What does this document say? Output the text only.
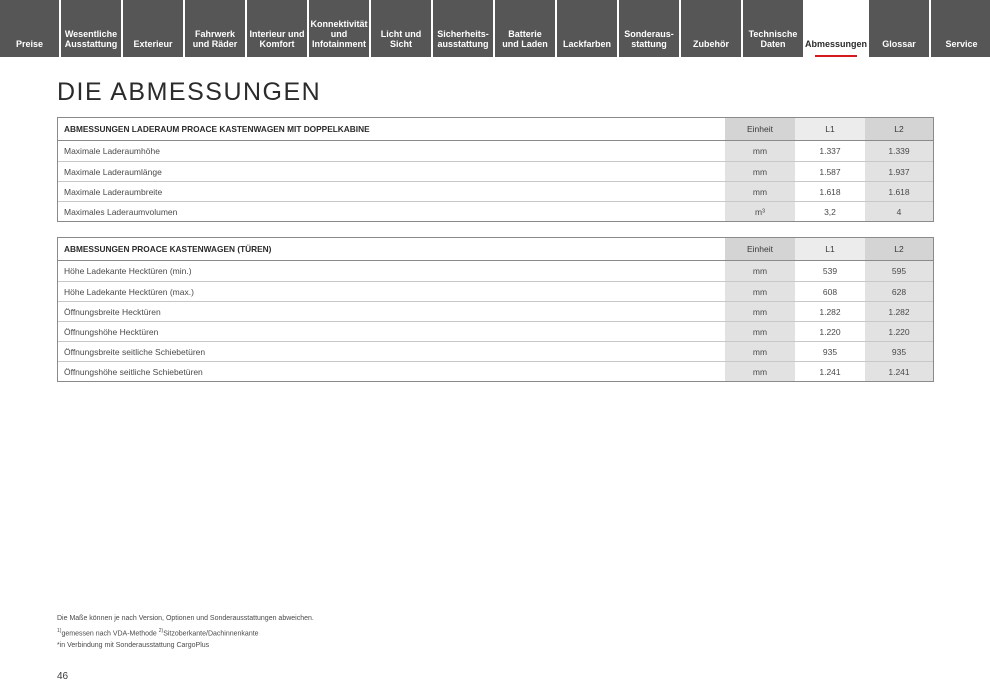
Preise
Wesentliche
Ausstattung	Exterieur
Fahrwerk
und Räder
Interieur und
Komfort
Konnektivität
und
Infotainment
Licht und Sicht
Sicherheits-
ausstattung
Batterie
und Laden	Lackfarben
Sonderaus-
stattung	Zubehör
Technische
Daten	Abmessungen	Glossar	Service
DIE ABMESSUNGEN
ABMESSUNGEN LADERAUM PROACE KASTENWAGEN MIT DOPPELKABINE	Einheit	L1	L2
Maximale Laderaumhöhe	mm	1.337	1.339
Maximale Laderaumlänge	mm	1.587	1.937
Maximale Laderaumbreite	mm	1.618	1.618
Maximales Laderaumvolumen	m³	3,2	4
ABMESSUNGEN PROACE KASTENWAGEN (TÜREN)	Einheit	L1	L2
Höhe Ladekante Hecktüren (min.)	mm	539	595
Höhe Ladekante Hecktüren (max.)	mm	608	628
Öffnungsbreite Hecktüren	mm	1.282	1.282
Öffnungshöhe Hecktüren	mm	1.220	1.220
Öffnungsbreite seitliche Schiebetüren	mm	935	935
Öffnungshöhe seitliche Schiebetüren	mm	1.241	1.241
Die Maße können je nach Version, Optionen und Sonderausstattungen abweichen.
$^{1)}$gemessen nach VDA-Methode $^{2)}$Sitzoberkante/Dachinnenkante
*in Verbindung mit Sonderausstattung CargoPlus
46
